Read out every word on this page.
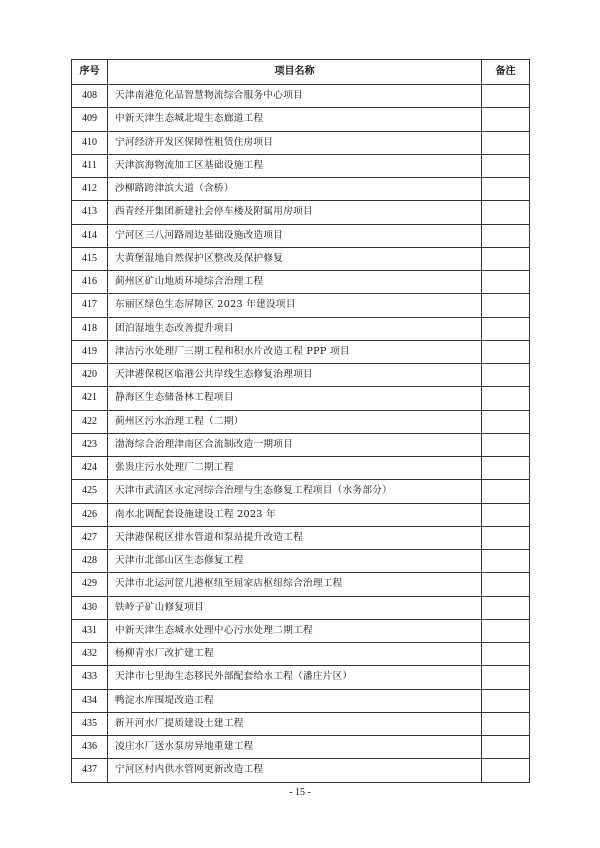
序号	项目名称	备注
408	天津南港危化品智慧物流综合服务中心项目	
409	中新天津生态城北堤生态廊道工程	
410	宁河经济开发区保障性租赁住房项目	
411	天津滨海物流加工区基础设施工程	
412	沙柳路跨津滨大道（含桥）	
413	西青经开集团新建社会停车楼及附属用房项目	
414	宁河区三八河路周边基础设施改造项目	
415	大黄堡湿地自然保护区整改及保护修复	
416	蓟州区矿山地质环境综合治理工程	
417	东丽区绿色生态屏障区 2023 年建设项目	
418	团泊湿地生态改善提升项目	
419	津沽污水处理厂三期工程和积水片改造工程 PPP 项目	
420	天津港保税区临港公共岸线生态修复治理项目	
421	静海区生态储备林工程项目	
422	蓟州区污水治理工程（二期）	
423	渤海综合治理津南区合流制改造一期项目	
424	张贵庄污水处理厂二期工程	
425	天津市武清区永定河综合治理与生态修复工程项目（水务部分）	
426	南水北调配套设施建设工程 2023 年	
427	天津港保税区排水管道和泵站提升改造工程	
428	天津市北部山区生态修复工程	
429	天津市北运河筐儿港枢纽至屈家店枢纽综合治理工程	
430	铁岭子矿山修复项目	
431	中新天津生态城水处理中心污水处理二期工程	
432	杨柳青水厂改扩建工程	
433	天津市七里海生态移民外部配套给水工程（潘庄片区）	
434	鸭淀水库围堤改造工程	
435	新开河水厂提质建设土建工程	
436	凌庄水厂送水泵房异地重建工程	
437	宁河区村内供水管网更新改造工程	
- 15 -
